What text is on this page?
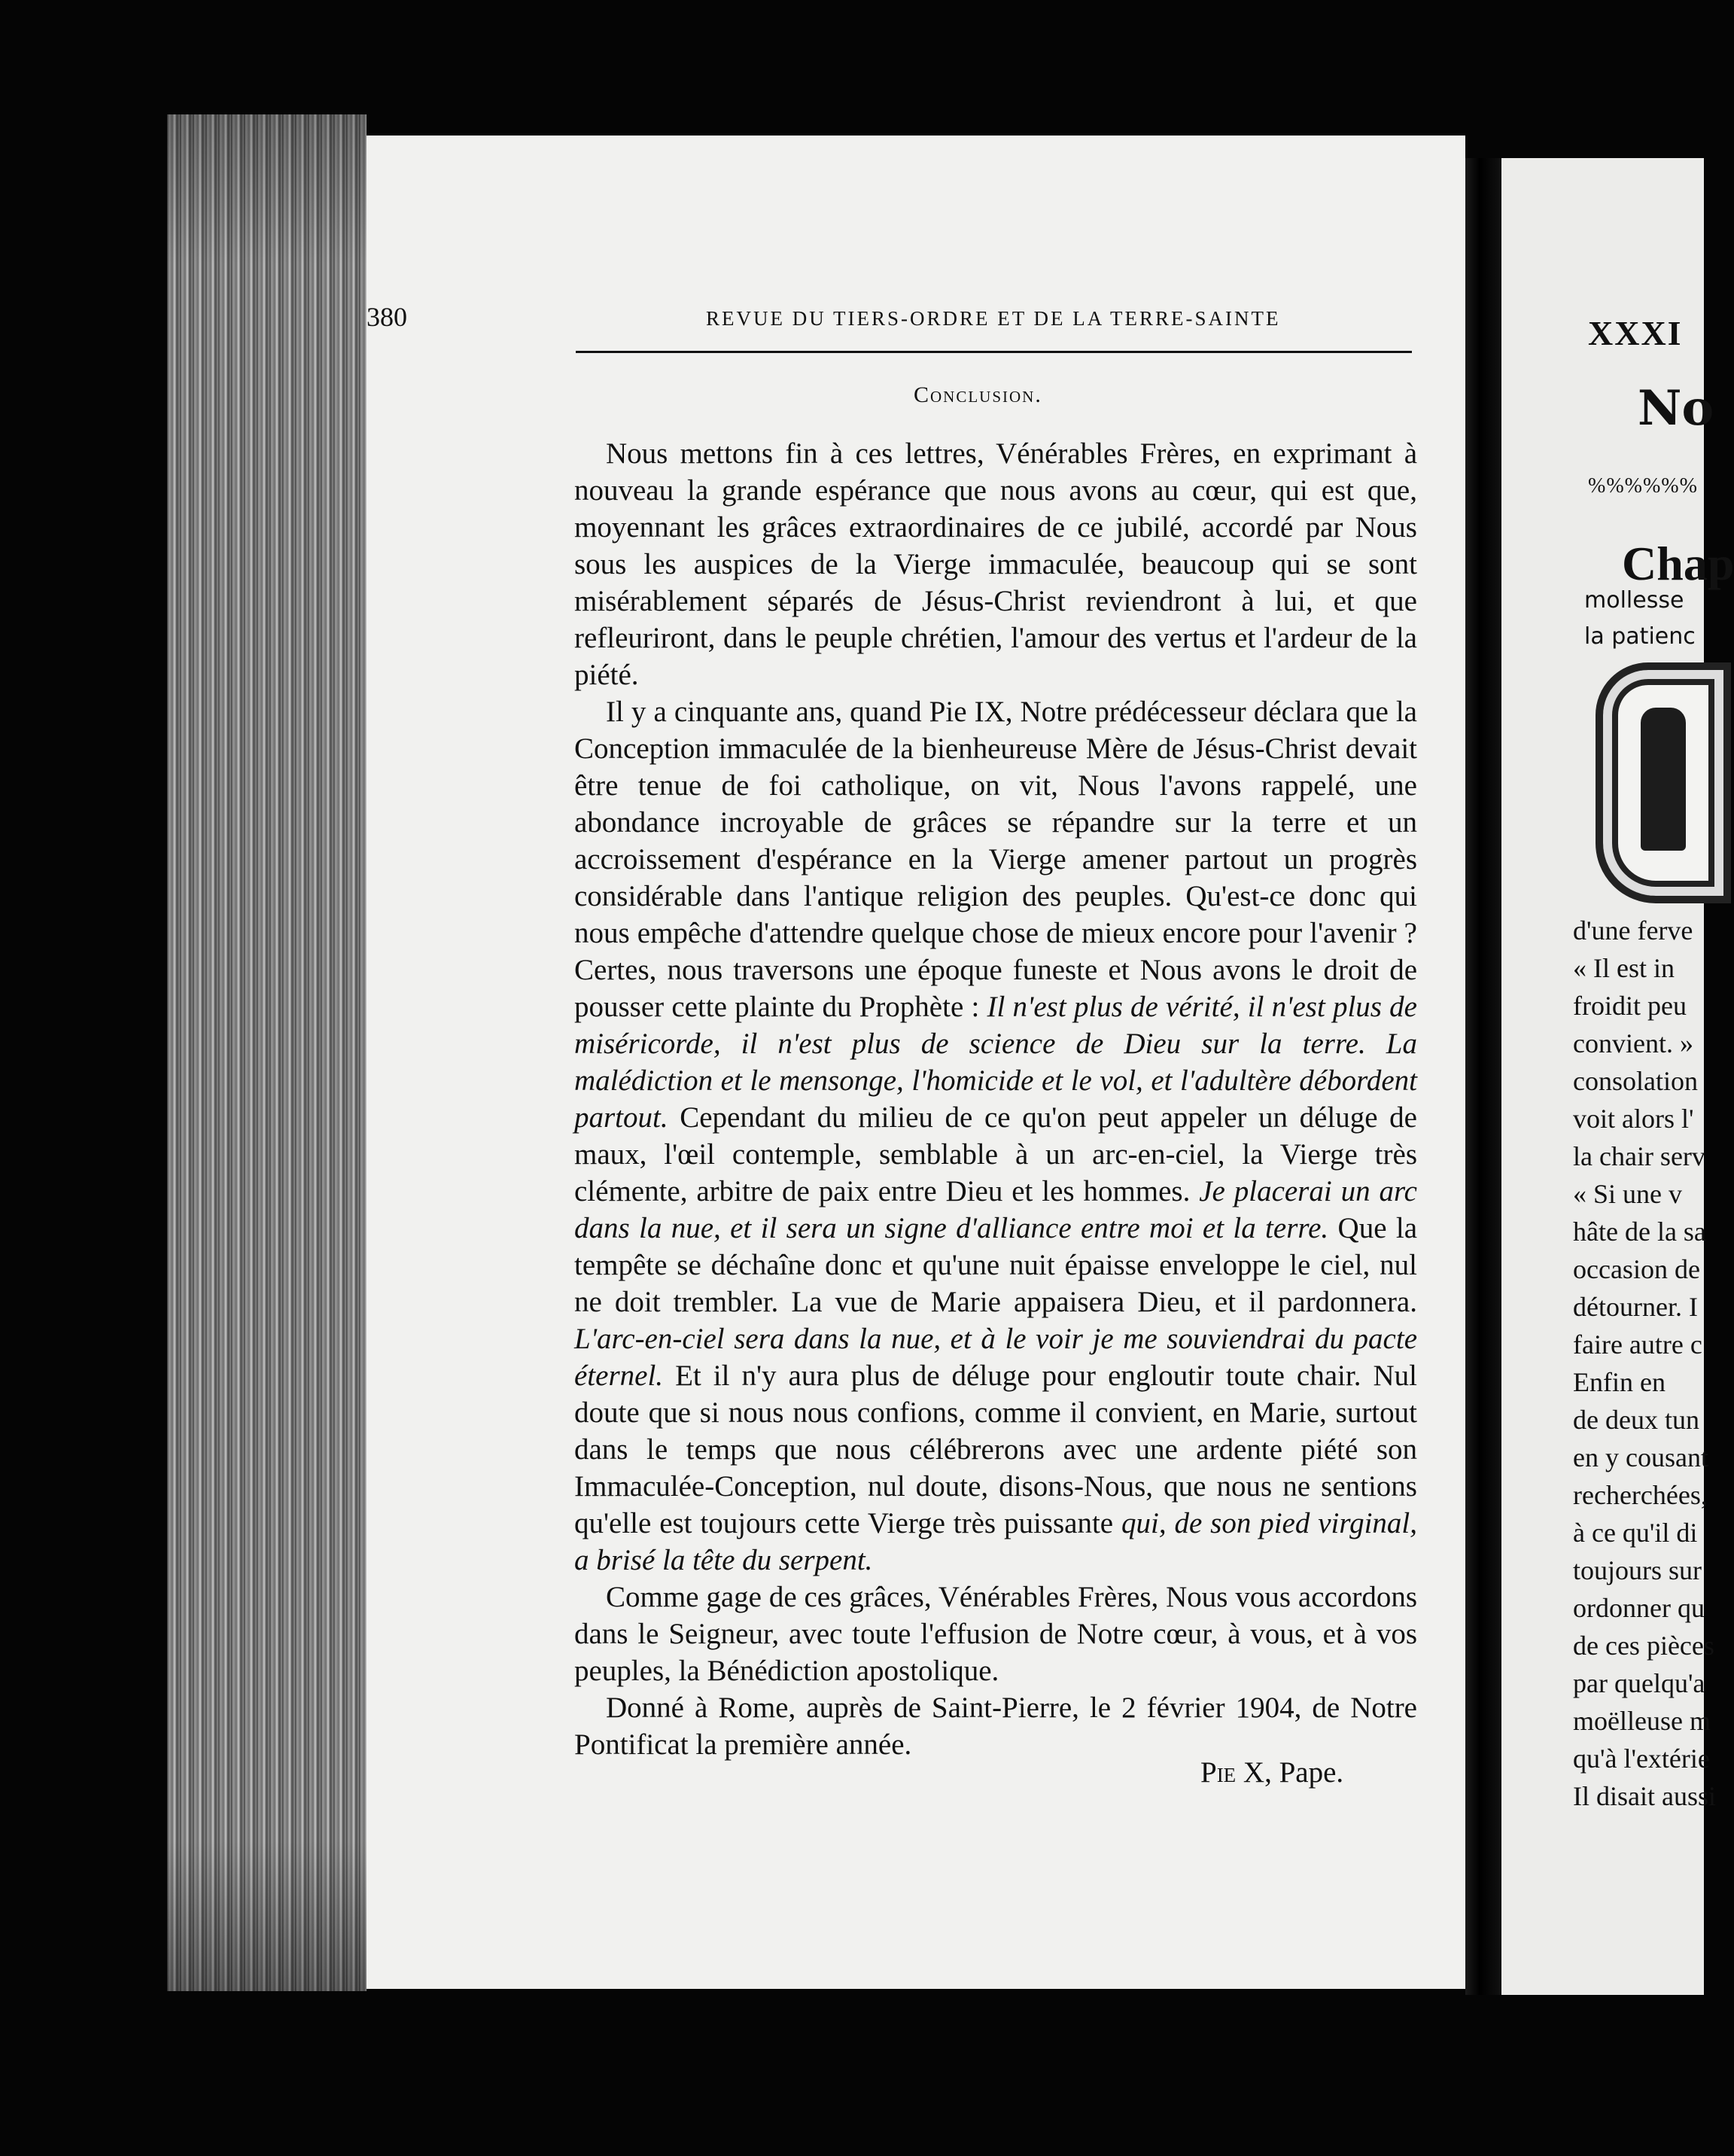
380	REVUE DU TIERS-ORDRE ET DE LA TERRE-SAINTE
Conclusion.

Nous mettons fin à ces lettres, Vénérables Frères, en exprimant à nouveau la grande espérance que nous avons au cœur, qui est que, moyennant les grâces extraordinaires de ce jubilé, accordé par Nous sous les auspices de la Vierge immaculée, beaucoup qui se sont misérablement séparés de Jésus-Christ reviendront à lui, et que refleuriront, dans le peuple chrétien, l'amour des vertus et l'ardeur de la piété.

Il y a cinquante ans, quand Pie IX, Notre prédécesseur déclara que la Conception immaculée de la bienheureuse Mère de Jésus-Christ devait être tenue de foi catholique, on vit, Nous l'avons rappelé, une abondance incroyable de grâces se répandre sur la terre et un accroissement d'espérance en la Vierge amener partout un progrès considérable dans l'antique religion des peuples. Qu'est-ce donc qui nous empêche d'attendre quelque chose de mieux encore pour l'avenir ? Certes, nous traversons une époque funeste et Nous avons le droit de pousser cette plainte du Prophète : Il n'est plus de vérité, il n'est plus de miséricorde, il n'est plus de science de Dieu sur la terre. La malédiction et le mensonge, l'homicide et le vol, et l'adultère débordent partout. Cependant du milieu de ce qu'on peut appeler un déluge de maux, l'œil contemple, semblable à un arc-en-ciel, la Vierge très clémente, arbitre de paix entre Dieu et les hommes. Je placerai un arc dans la nue, et il sera un signe d'alliance entre moi et la terre. Que la tempête se déchaîne donc et qu'une nuit épaisse enveloppe le ciel, nul ne doit trembler. La vue de Marie appaisera Dieu, et il pardonnera. L'arc-en-ciel sera dans la nue, et à le voir je me souviendrai du pacte éternel. Et il n'y aura plus de déluge pour engloutir toute chair. Nul doute que si nous nous confions, comme il convient, en Marie, surtout dans le temps que nous célébrerons avec une ardente piété son Immaculée-Conception, nul doute, disons-Nous, que nous ne sentions qu'elle est toujours cette Vierge très puissante qui, de son pied virginal, a brisé la tête du serpent.

Comme gage de ces grâces, Vénérables Frères, Nous vous accordons dans le Seigneur, avec toute l'effusion de Notre cœur, à vous, et à vos peuples, la Bénédiction apostolique.

Donné à Rome, auprès de Saint-Pierre, le 2 février 1904, de Notre Pontificat la première année.

Pie X, Pape.
XXXI
No
%%%%%%
Chap
mollesse
la patienc
d'une ferve
« Il est in
froidit peu
convient. »
consolation
voit alors l'
la chair serv
« Si une v
hâte de la sa
occasion de
détourner. I
faire autre c
Enfin en
de deux tun
en y cousant
recherchées,
à ce qu'il di
toujours sur
ordonner qu
de ces pièces
par quelqu'a
moëlleuse m
qu'à l'extérie
Il disait aussi
